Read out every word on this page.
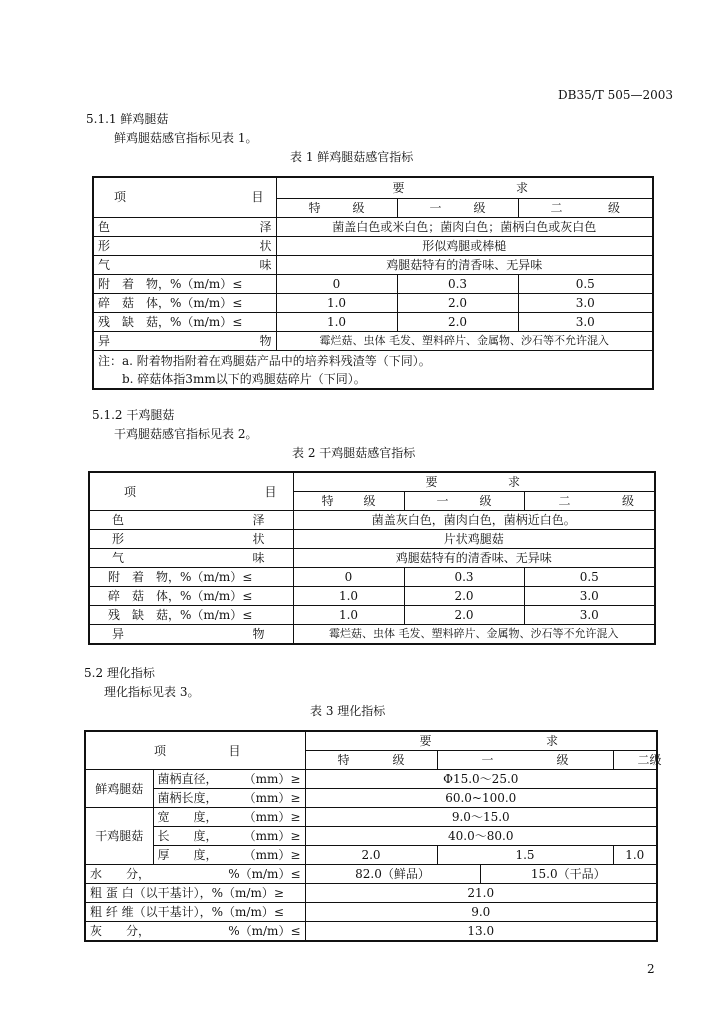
DB35/T 505—2003
5.1.1 鲜鸡腿菇
鲜鸡腿菇感官指标见表 1。
表 1 鲜鸡腿菇感官指标
项 目	要 求		

	特 级	一 级	二 级

色 泽	菌盖白色或米白色；菌肉白色；菌柄白色或灰白色		

形 状	形似鸡腿或棒槌		

气 味	鸡腿菇特有的清香味、无异味		
附　着　物，%（m/m）≤	0	0.3	0.5
碎　菇　体，%（m/m）≤	1.0	2.0	3.0
残　缺　菇，%（m/m）≤	1.0	2.0	3.0

异 物	霉烂菇、虫体 毛发、塑料碎片、金属物、沙石等不允许混入		

注：a. 附着物指附着在鸡腿菇产品中的培养料残渣等（下同）。
b. 碎菇体指3mm以下的鸡腿菇碎片（下同）。			
5.1.2 干鸡腿菇
干鸡腿菇感官指标见表 2。
表 2 干鸡腿菇感官指标
项 目	要 求		

	特 级	一 级	二 级

色 泽	菌盖灰白色，菌肉白色，菌柄近白色。		

形 状	片状鸡腿菇		

气 味	鸡腿菇特有的清香味、无异味		
附　着　物，%（m/m）≤	0	0.3	0.5
碎　菇　体，%（m/m）≤	1.0	2.0	3.0
残　缺　菇，%（m/m）≤	1.0	2.0	3.0

异 物	霉烂菇、虫体 毛发、塑料碎片、金属物、沙石等不允许混入		
5.2 理化指标
理化指标见表 3。
表 3 理化指标
项 目		要 求			

		特 级	一 级		二 级

鲜鸡腿菇	菌柄直径， （mm）≥	Φ15.0～25.0			

	菌柄长度， （mm）≥	60.0~100.0			
干鸡腿菇	宽　　度， （mm）≥	9.0～15.0			

	长　　度， （mm）≥	40.0～80.0			

	厚　　度， （mm）≥	2.0	1.5		1.0

水　　分， %（m/m）≤		82.0（鲜品）		15.0（干品）	
粗 蛋 白（以干基计），%（m/m）≥		21.0			
粗 纤 维（以干基计），%（m/m）≤		9.0			

灰　　分， %（m/m）≤		13.0			
2
